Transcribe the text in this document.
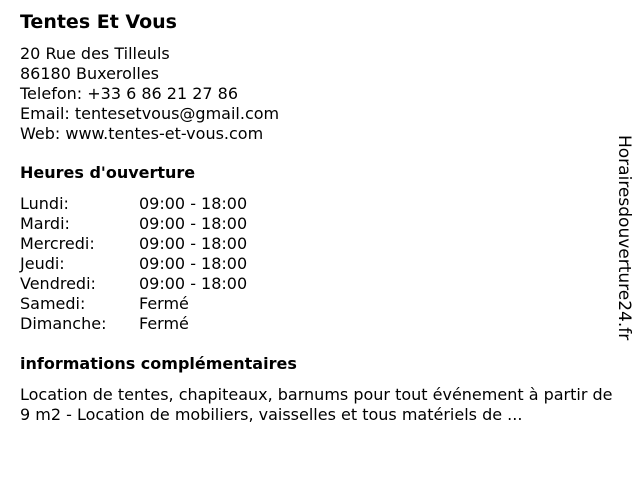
Tentes Et Vous
20 Rue des Tilleuls
86180 Buxerolles
Telefon: +33 6 86 21 27 86
Email: tentesetvous@gmail.com
Web: www.tentes-et-vous.com
Heures d'ouverture
Lundi:	09:00 - 18:00
Mardi:	09:00 - 18:00
Mercredi:	09:00 - 18:00
Jeudi:	09:00 - 18:00
Vendredi:	09:00 - 18:00
Samedi:	Fermé
Dimanche:	Fermé
informations complémentaires
Location de tentes, chapiteaux, barnums pour tout événement à partir de 9 m2 - Location de mobiliers, vaisselles et tous matériels de ...
Horairesdouverture24.fr
